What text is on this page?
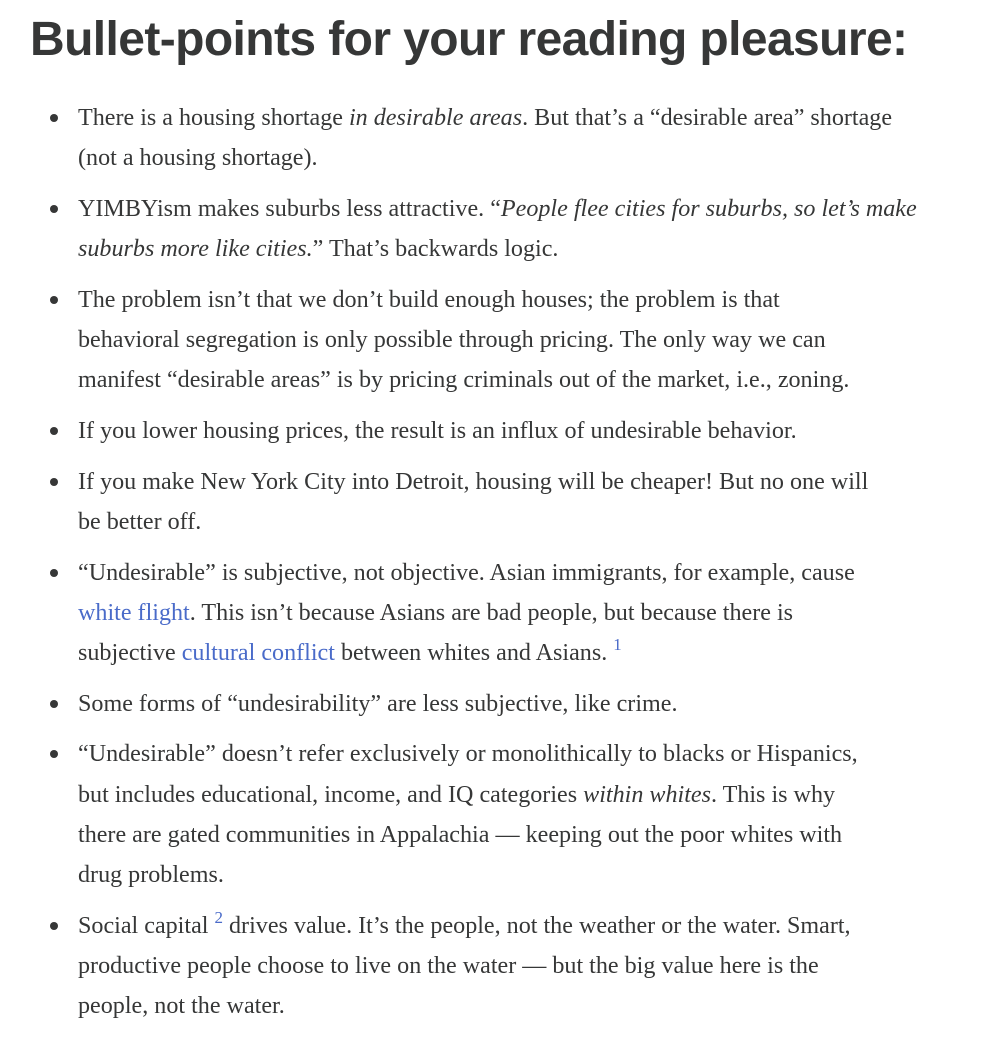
Bullet-points for your reading pleasure:
There is a housing shortage in desirable areas. But that’s a “desirable area” shortage
(not a housing shortage).
YIMBYism makes suburbs less attractive. “People flee cities for suburbs, so let’s make
suburbs more like cities.” That’s backwards logic.
The problem isn’t that we don’t build enough houses; the problem is that
behavioral segregation is only possible through pricing. The only way we can
manifest “desirable areas” is by pricing criminals out of the market, i.e., zoning.
If you lower housing prices, the result is an influx of undesirable behavior.
If you make New York City into Detroit, housing will be cheaper! But no one will
be better off.
“Undesirable” is subjective, not objective. Asian immigrants, for example, cause
white flight. This isn’t because Asians are bad people, but because there is
subjective cultural conflict between whites and Asians. $^1$
Some forms of “undesirability” are less subjective, like crime.
“Undesirable” doesn’t refer exclusively or monolithically to blacks or Hispanics,
but includes educational, income, and IQ categories within whites. This is why
there are gated communities in Appalachia — keeping out the poor whites with
drug problems.
Social capital $^2$ drives value. It’s the people, not the weather or the water. Smart,
productive people choose to live on the water — but the big value here is the
people, not the water.
